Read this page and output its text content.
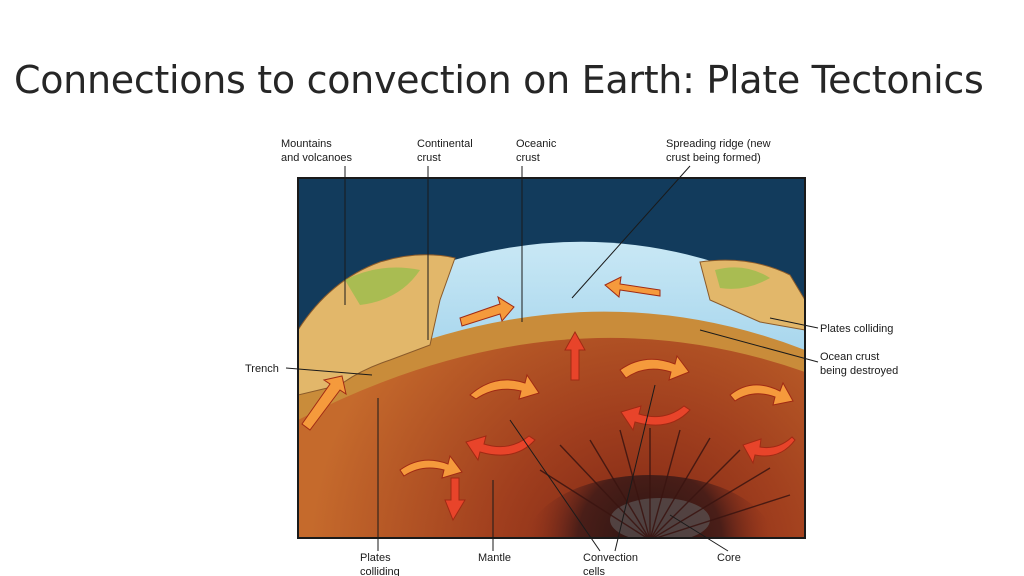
Connections to convection on Earth: Plate Tectonics
Mountains and volcanoes
Continental crust
Oceanic crust
Spreading ridge (new crust being formed)
Plates colliding
Ocean crust being destroyed
Trench
Plates colliding
Mantle	Convection cells
Core
